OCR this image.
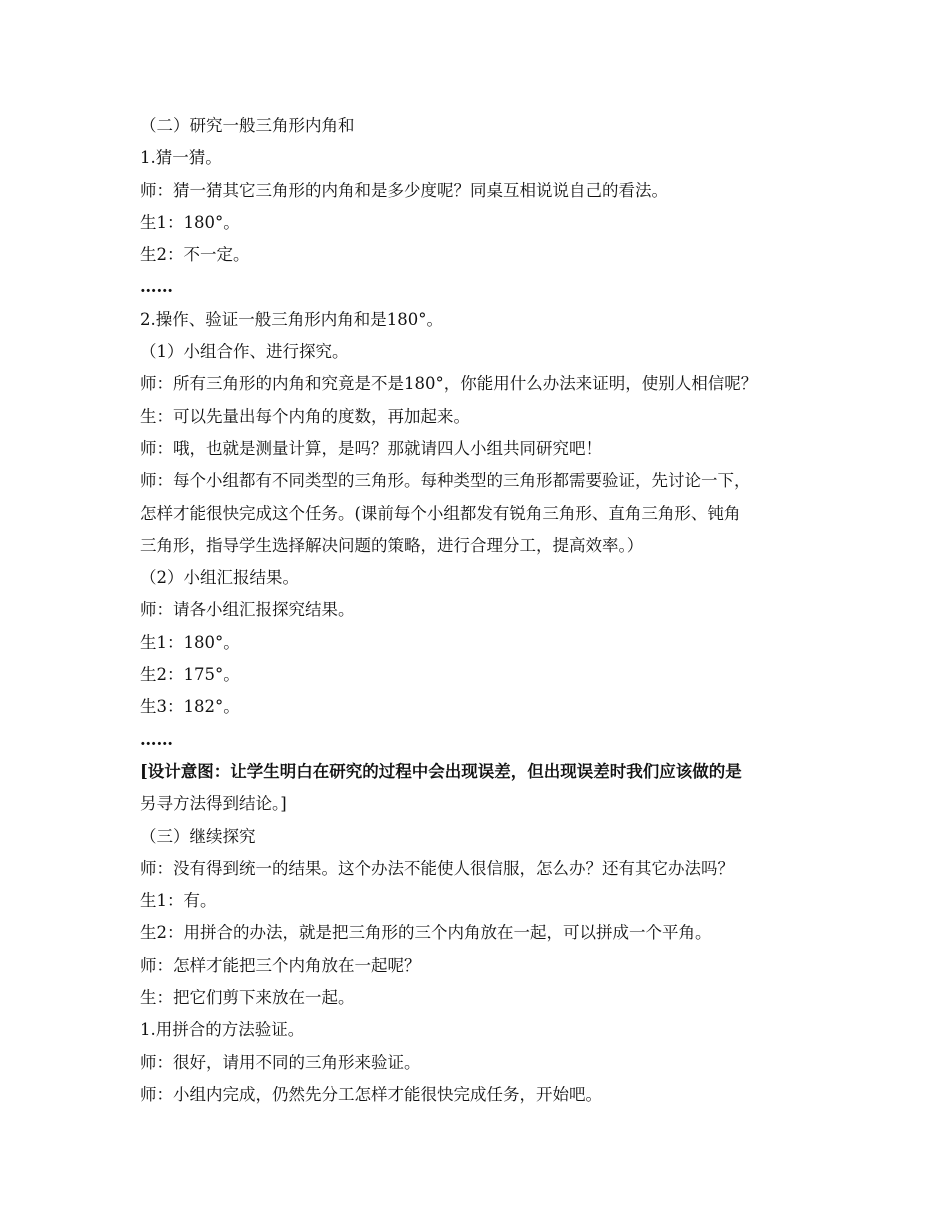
（二）研究一般三角形内角和

1.猜一猜。

师：猜一猜其它三角形的内角和是多少度呢？同桌互相说说自己的看法。

生1：180°。

生2：不一定。

……

2.操作、验证一般三角形内角和是180°。

（1）小组合作、进行探究。

师：所有三角形的内角和究竟是不是180°，你能用什么办法来证明，使别人相信呢？

生：可以先量出每个内角的度数，再加起来。

师：哦，也就是测量计算，是吗？那就请四人小组共同研究吧！

师：每个小组都有不同类型的三角形。每种类型的三角形都需要验证，先讨论一下，

怎样才能很快完成这个任务。(课前每个小组都发有锐角三角形、直角三角形、钝角

三角形，指导学生选择解决问题的策略，进行合理分工，提高效率。）

（2）小组汇报结果。

师：请各小组汇报探究结果。

生1：180°。

生2：175°。

生3：182°。

……

[设计意图：让学生明白在研究的过程中会出现误差，但出现误差时我们应该做的是

另寻方法得到结论。]

（三）继续探究

师：没有得到统一的结果。这个办法不能使人很信服，怎么办？还有其它办法吗？

生1：有。

生2：用拼合的办法，就是把三角形的三个内角放在一起，可以拼成一个平角。

师：怎样才能把三个内角放在一起呢？

生：把它们剪下来放在一起。

1.用拼合的方法验证。

师：很好，请用不同的三角形来验证。

师：小组内完成，仍然先分工怎样才能很快完成任务，开始吧。
